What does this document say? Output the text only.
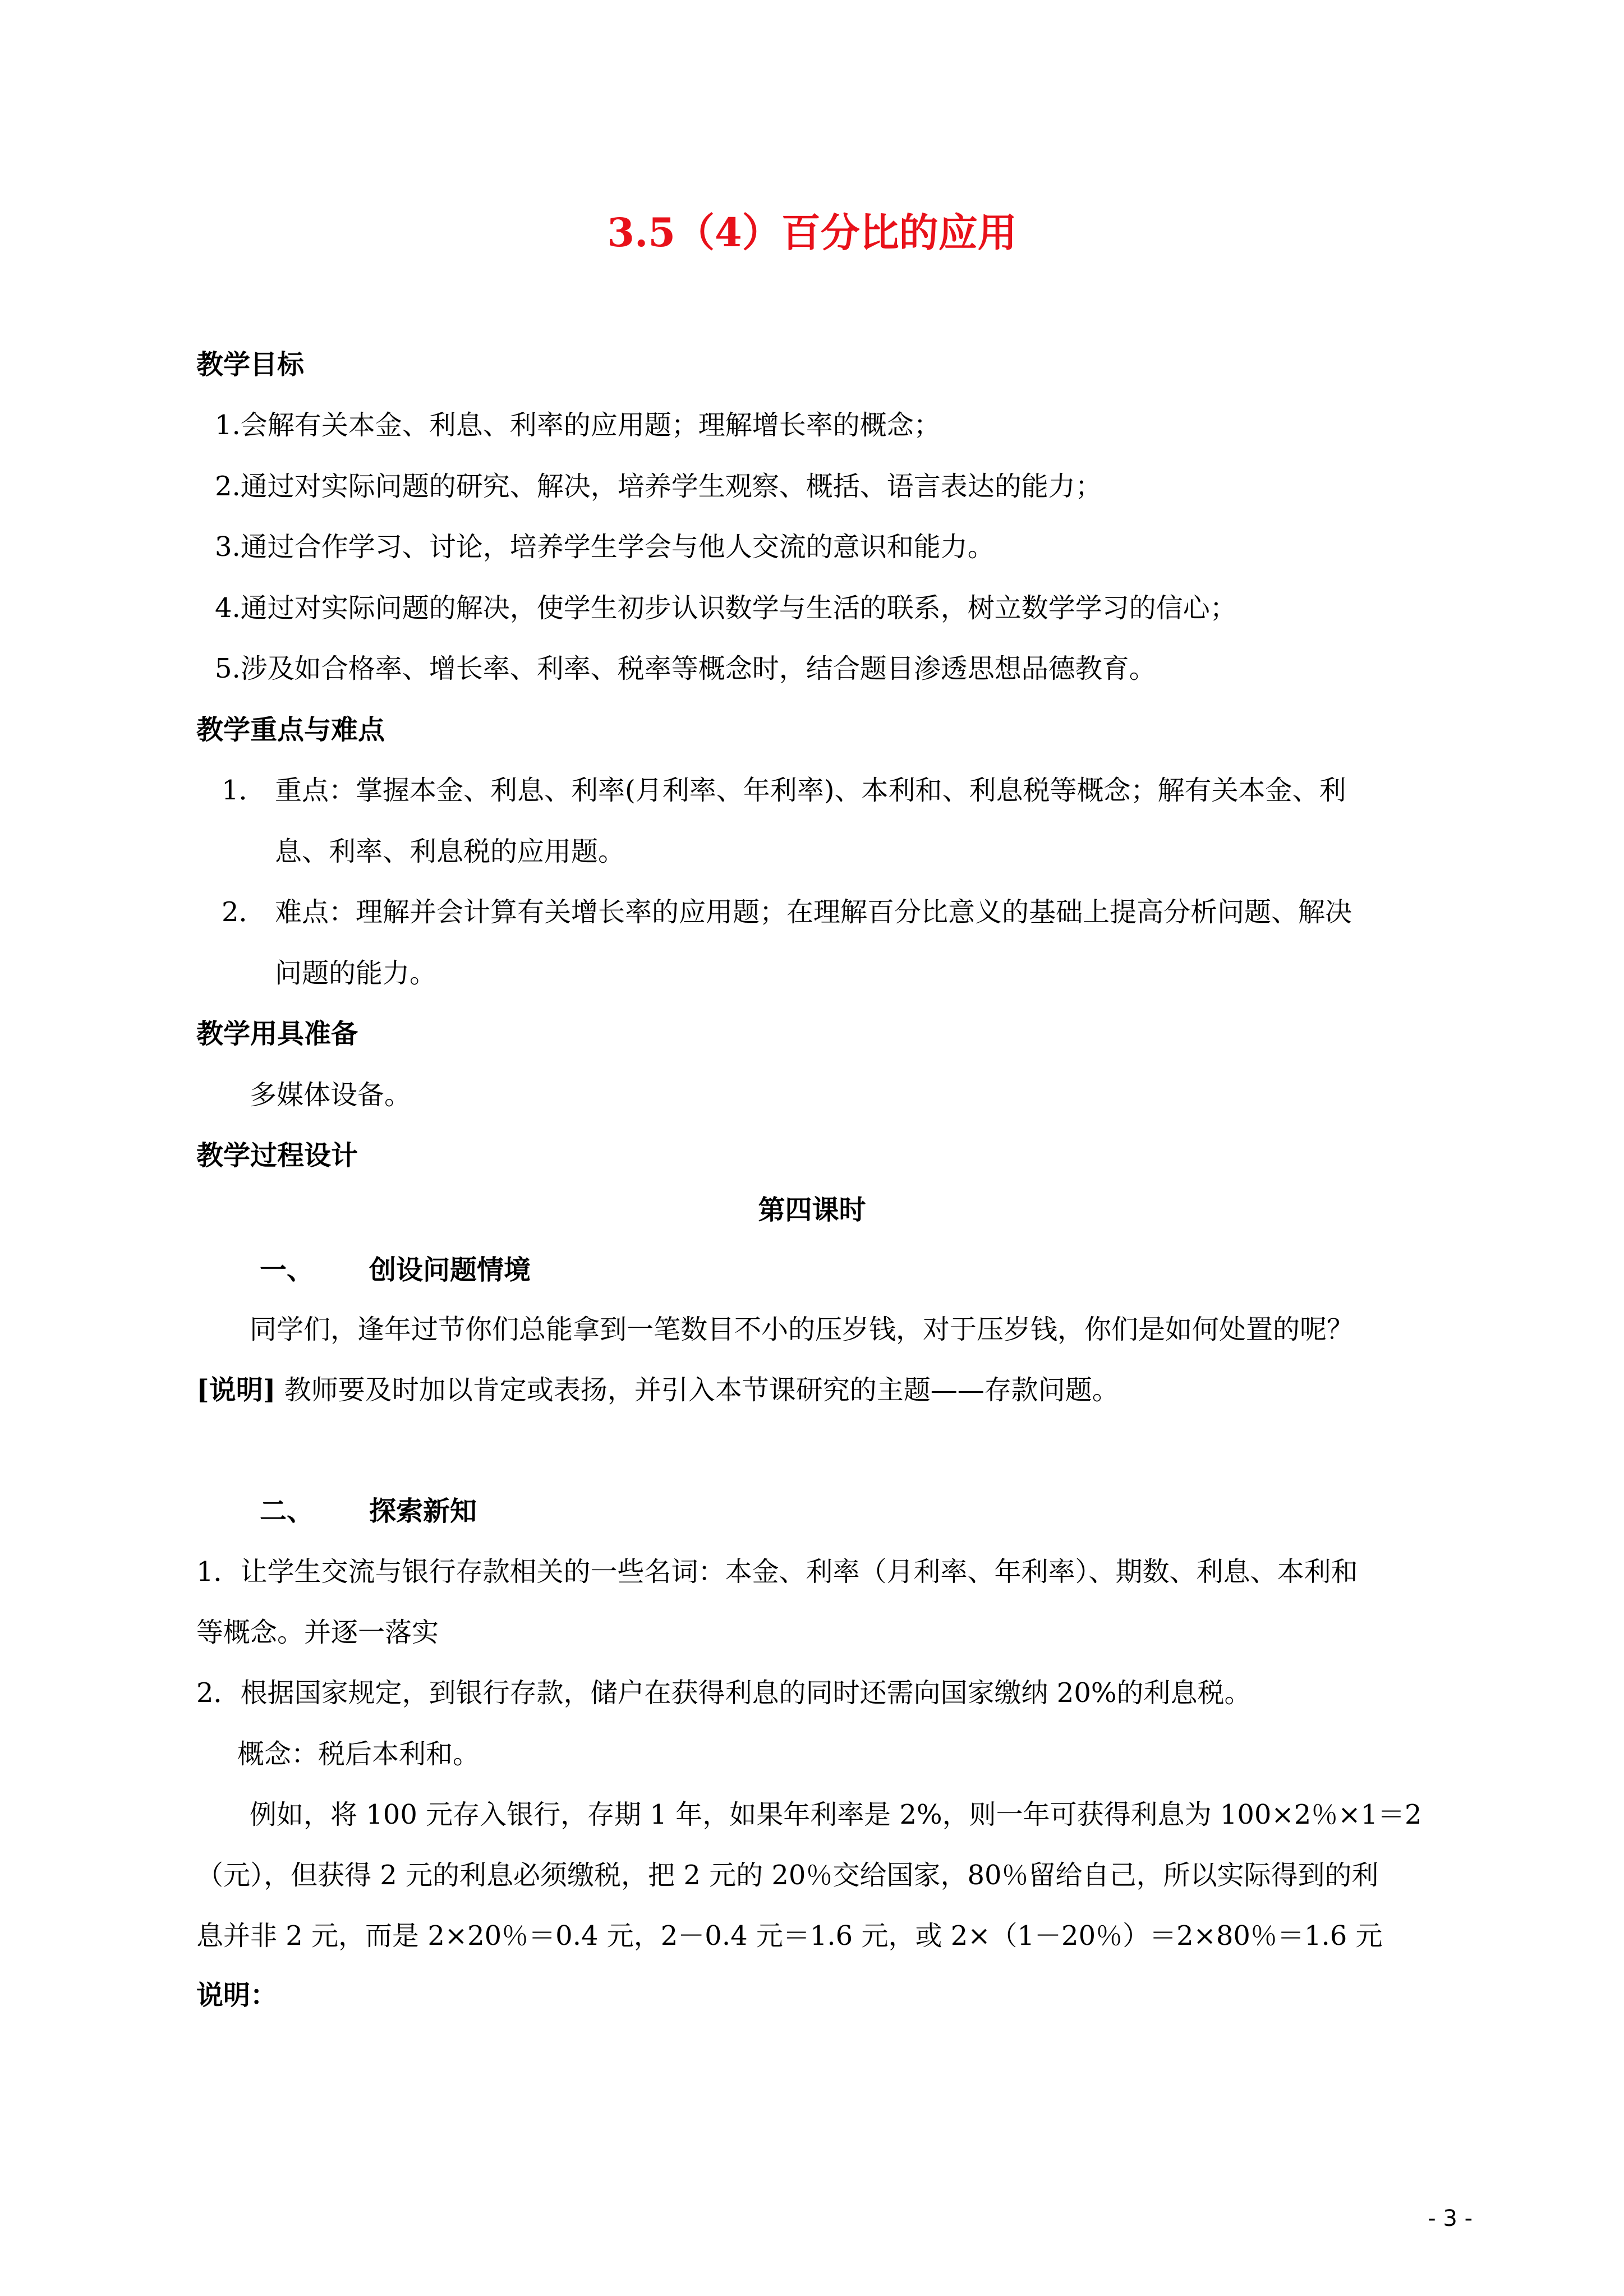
3.5（4）百分比的应用
教学目标
1.会解有关本金、利息、利率的应用题；理解增长率的概念；
2.通过对实际问题的研究、解决，培养学生观察、概括、语言表达的能力；
3.通过合作学习、讨论，培养学生学会与他人交流的意识和能力。
4.通过对实际问题的解决，使学生初步认识数学与生活的联系，树立数学学习的信心；
5.涉及如合格率、增长率、利率、税率等概念时，结合题目渗透思想品德教育。
教学重点与难点
1． 重点：掌握本金、利息、利率(月利率、年利率)、本利和、利息税等概念；解有关本金、利
息、利率、利息税的应用题。
2． 难点：理解并会计算有关增长率的应用题；在理解百分比意义的基础上提高分析问题、解决
问题的能力。
教学用具准备
多媒体设备。
教学过程设计
第四课时
一、 创设问题情境
同学们，逢年过节你们总能拿到一笔数目不小的压岁钱，对于压岁钱，你们是如何处置的呢？
[说明] 教师要及时加以肯定或表扬，并引入本节课研究的主题——存款问题。
二、 探索新知
1．让学生交流与银行存款相关的一些名词：本金、利率（月利率、年利率）、期数、利息、本利和
等概念。并逐一落实
2．根据国家规定，到银行存款，储户在获得利息的同时还需向国家缴纳 20%的利息税。
概念：税后本利和。
例如，将 100 元存入银行，存期 1 年，如果年利率是 2%，则一年可获得利息为 100×2％×1＝2
（元），但获得 2 元的利息必须缴税，把 2 元的 20％交给国家，80％留给自己，所以实际得到的利
息并非 2 元，而是 2×20％＝0.4 元，2－0.4 元＝1.6 元，或 2×（1－20％）＝2×80％＝1.6 元
说明：
- 3 -
